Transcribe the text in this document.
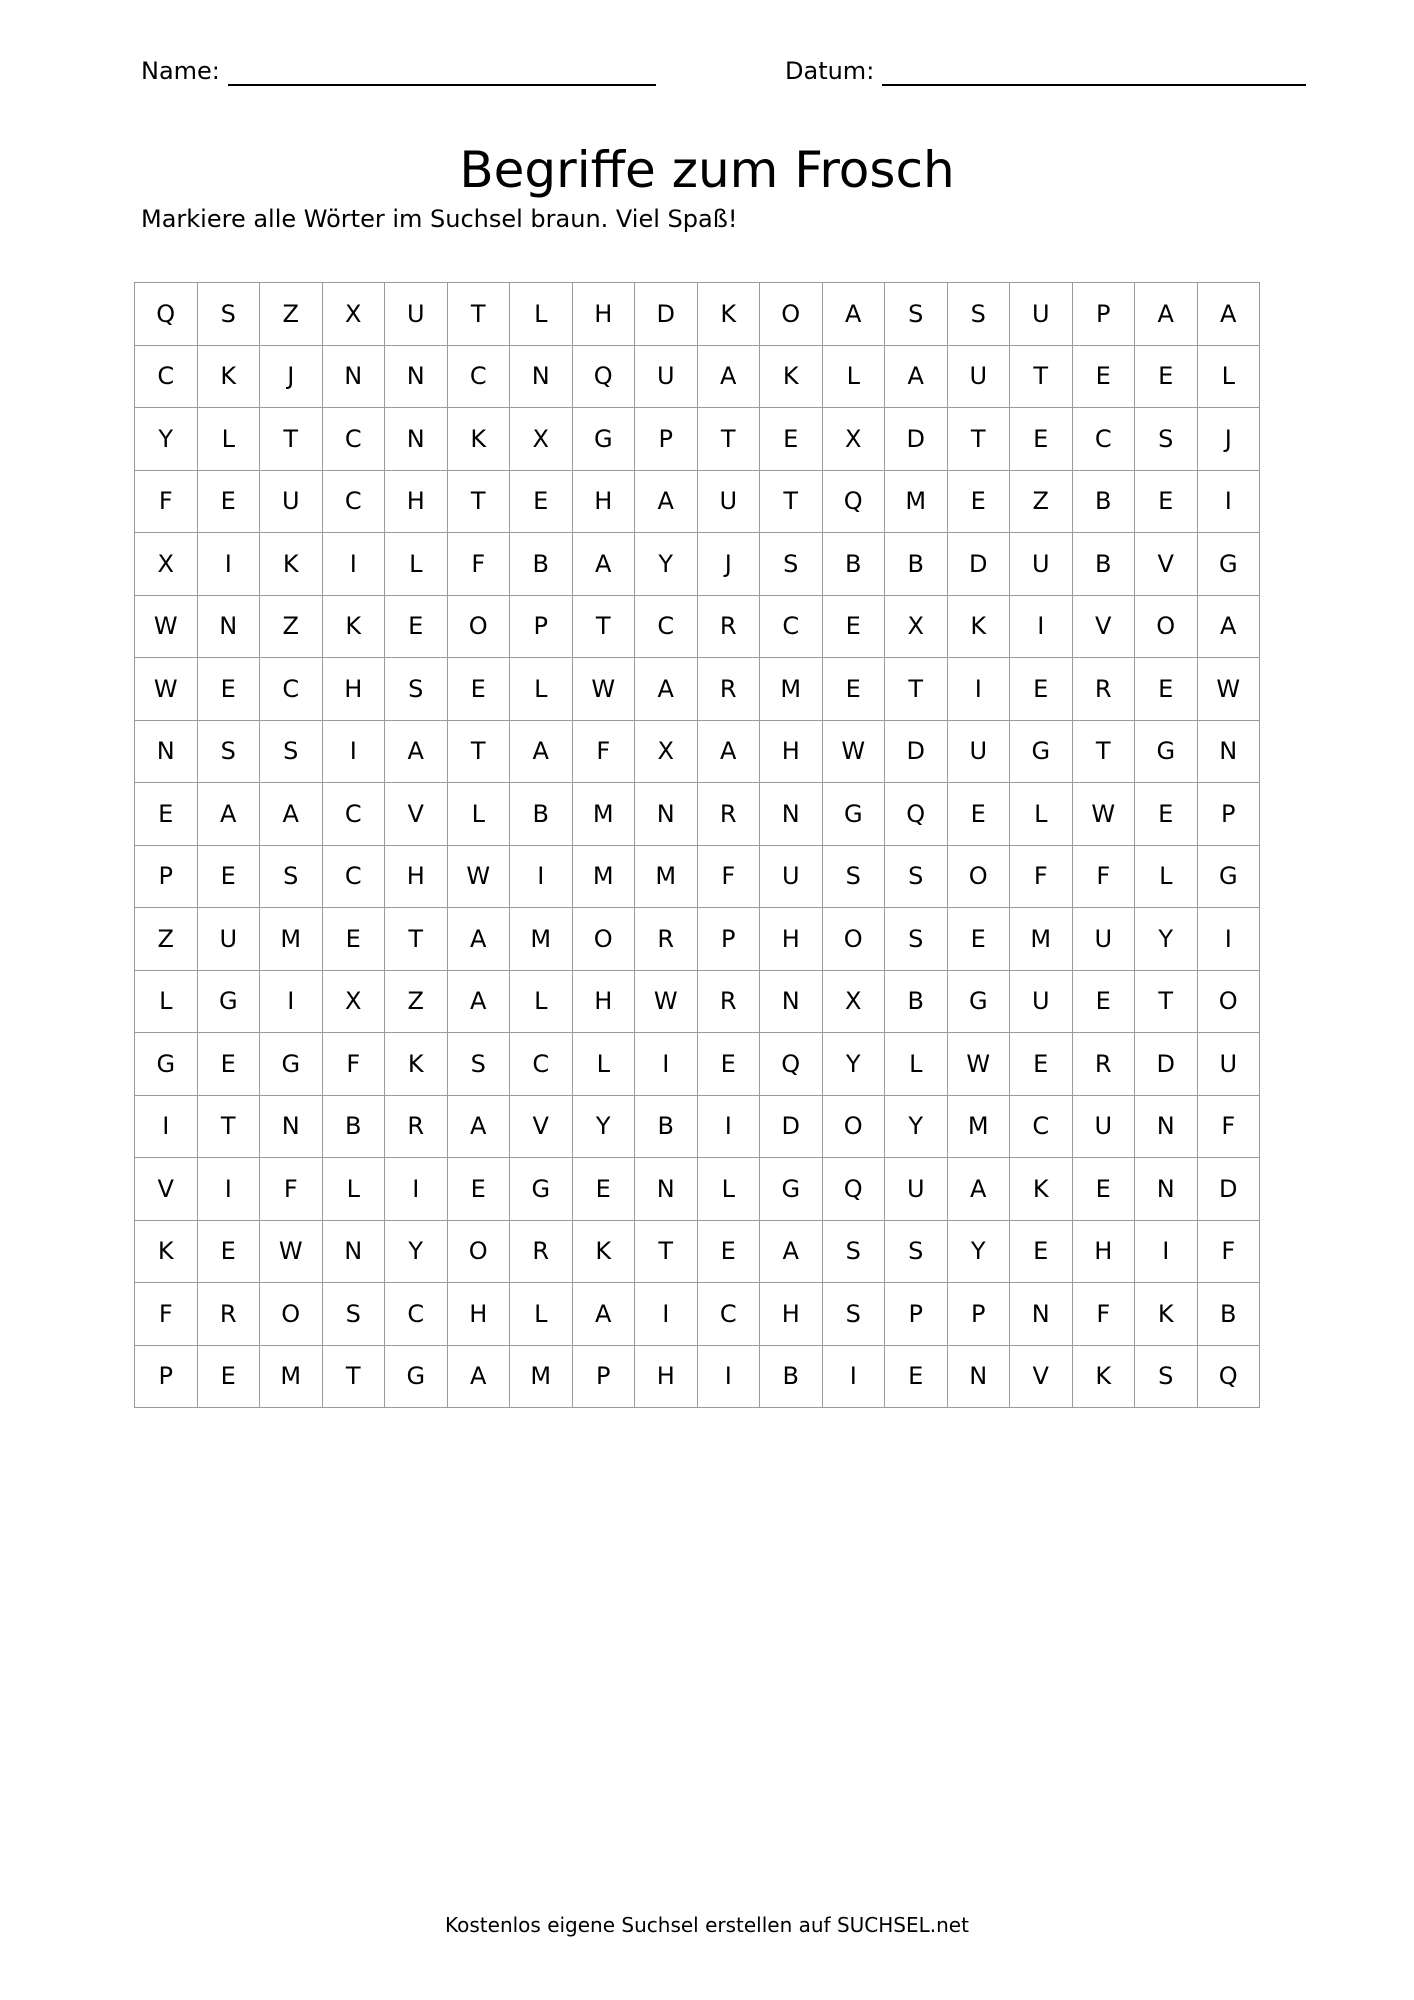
Name:	Datum:
Begriffe zum Frosch
Markiere alle Wörter im Suchsel braun. Viel Spaß!
Q	S	Z	X	U	T	L	H	D	K	O	A	S	S	U	P	A	A
C	K	J	N	N	C	N	Q	U	A	K	L	A	U	T	E	E	L
Y	L	T	C	N	K	X	G	P	T	E	X	D	T	E	C	S	J
F	E	U	C	H	T	E	H	A	U	T	Q	M	E	Z	B	E	I
X	I	K	I	L	F	B	A	Y	J	S	B	B	D	U	B	V	G
W	N	Z	K	E	O	P	T	C	R	C	E	X	K	I	V	O	A
W	E	C	H	S	E	L	W	A	R	M	E	T	I	E	R	E	W
N	S	S	I	A	T	A	F	X	A	H	W	D	U	G	T	G	N
E	A	A	C	V	L	B	M	N	R	N	G	Q	E	L	W	E	P
P	E	S	C	H	W	I	M	M	F	U	S	S	O	F	F	L	G
Z	U	M	E	T	A	M	O	R	P	H	O	S	E	M	U	Y	I
L	G	I	X	Z	A	L	H	W	R	N	X	B	G	U	E	T	O
G	E	G	F	K	S	C	L	I	E	Q	Y	L	W	E	R	D	U
I	T	N	B	R	A	V	Y	B	I	D	O	Y	M	C	U	N	F
V	I	F	L	I	E	G	E	N	L	G	Q	U	A	K	E	N	D
K	E	W	N	Y	O	R	K	T	E	A	S	S	Y	E	H	I	F
F	R	O	S	C	H	L	A	I	C	H	S	P	P	N	F	K	B
P	E	M	T	G	A	M	P	H	I	B	I	E	N	V	K	S	Q
Kostenlos eigene Suchsel erstellen auf SUCHSEL.net
